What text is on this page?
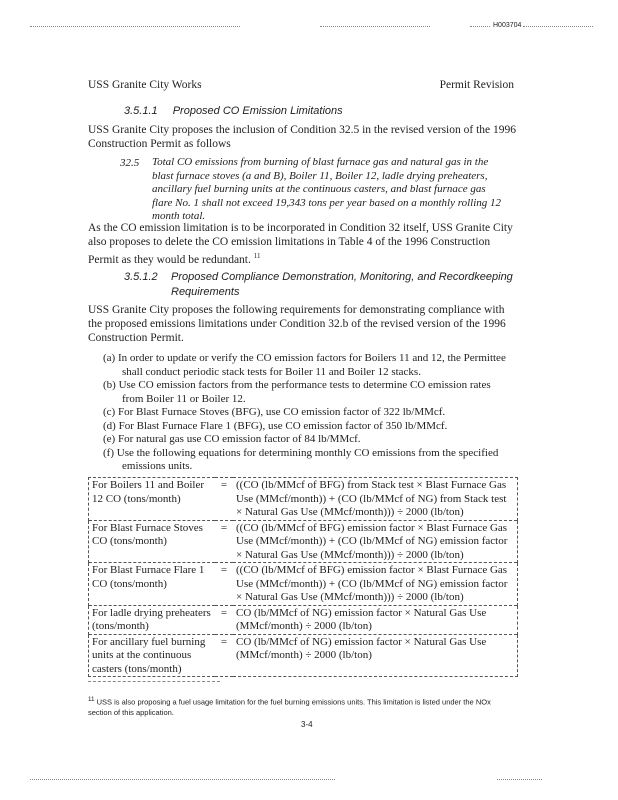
H003704
USS Granite City Works	Permit Revision
3.5.1.1 Proposed CO Emission Limitations
USS Granite City proposes the inclusion of Condition 32.5 in the revised version of the 1996 Construction Permit as follows
32.5 Total CO emissions from burning of blast furnace gas and natural gas in the blast furnace stoves (a and B), Boiler 11, Boiler 12, ladle drying preheaters, ancillary fuel burning units at the continuous casters, and blast furnace gas flare No. 1 shall not exceed 19,343 tons per year based on a monthly rolling 12 month total.
As the CO emission limitation is to be incorporated in Condition 32 itself, USS Granite City also proposes to delete the CO emission limitations in Table 4 of the 1996 Construction Permit as they would be redundant. $^{11}$
3.5.1.2 Proposed Compliance Demonstration, Monitoring, and Recordkeeping Requirements
USS Granite City proposes the following requirements for demonstrating compliance with the proposed emissions limitations under Condition 32.b of the revised version of the 1996 Construction Permit.
(a) In order to update or verify the CO emission factors for Boilers 11 and 12, the Permittee shall conduct periodic stack tests for Boiler 11 and Boiler 12 stacks.
(b) Use CO emission factors from the performance tests to determine CO emission rates from Boiler 11 or Boiler 12.
(c) For Blast Furnace Stoves (BFG), use CO emission factor of 322 lb/MMcf.
(d) For Blast Furnace Flare 1 (BFG), use CO emission factor of 350 lb/MMcf.
(e) For natural gas use CO emission factor of 84 lb/MMcf.
(f) Use the following equations for determining monthly CO emissions from the specified emissions units.
For Boilers 11 and Boiler 12 CO (tons/month)	=	((CO (lb/MMcf of BFG) from Stack test × Blast Furnace Gas Use (MMcf/month)) + (CO (lb/MMcf of NG) from Stack test × Natural Gas Use (MMcf/month))) ÷ 2000 (lb/ton)
For Blast Furnace Stoves CO (tons/month)	=	((CO (lb/MMcf of BFG) emission factor × Blast Furnace Gas Use (MMcf/month)) + (CO (lb/MMcf of NG) emission factor × Natural Gas Use (MMcf/month))) ÷ 2000 (lb/ton)
For Blast Furnace Flare 1 CO (tons/month)	=	((CO (lb/MMcf of BFG) emission factor × Blast Furnace Gas Use (MMcf/month)) + (CO (lb/MMcf of NG) emission factor × Natural Gas Use (MMcf/month))) ÷ 2000 (lb/ton)
For ladle drying preheaters (tons/month)	=	CO (lb/MMcf of NG) emission factor × Natural Gas Use (MMcf/month) ÷ 2000 (lb/ton)
For ancillary fuel burning units at the continuous casters (tons/month)	=	CO (lb/MMcf of NG) emission factor × Natural Gas Use (MMcf/month) ÷ 2000 (lb/ton)
$^{11}$ USS is also proposing a fuel usage limitation for the fuel burning emissions units. This limitation is listed under the NOx section of this application.
3-4
